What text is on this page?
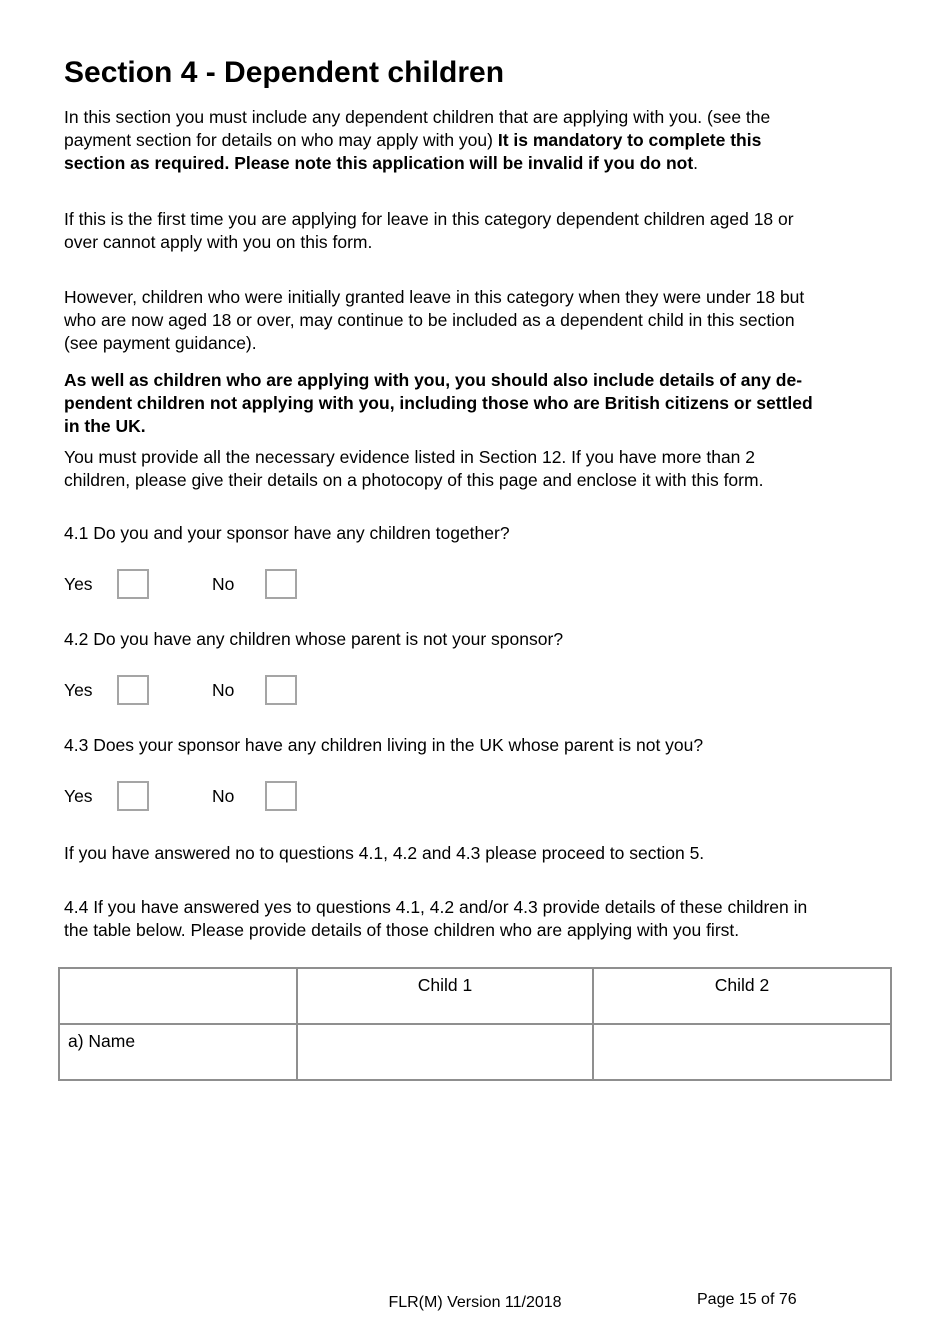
Section 4 - Dependent children

In this section you must include any dependent children that are applying with you. (see the
payment section for details on who may apply with you) It is mandatory to complete this
section as required. Please note this application will be invalid if you do not.

If this is the first time you are applying for leave in this category dependent children aged 18 or
over cannot apply with you on this form.

However, children who were initially granted leave in this category when they were under 18 but
who are now aged 18 or over, may continue to be included as a dependent child in this section
(see payment guidance).

As well as children who are applying with you, you should also include details of any de-
pendent children not applying with you, including those who are British citizens or settled
in the UK.

You must provide all the necessary evidence listed in Section 12. If you have more than 2
children, please give their details on a photocopy of this page and enclose it with this form.

4.1 Do you and your sponsor have any children together?

Yes	No

4.2 Do you have any children whose parent is not your sponsor?

Yes	No

4.3 Does your sponsor have any children living in the UK whose parent is not you?

Yes	No

If you have answered no to questions 4.1, 4.2 and 4.3 please proceed to section 5.

4.4 If you have answered yes to questions 4.1, 4.2 and/or 4.3 provide details of these children in
the table below. Please provide details of those children who are applying with you first.

	Child 1	Child 2
a) Name		
FLR(M) Version 11/2018	Page 15 of 76
